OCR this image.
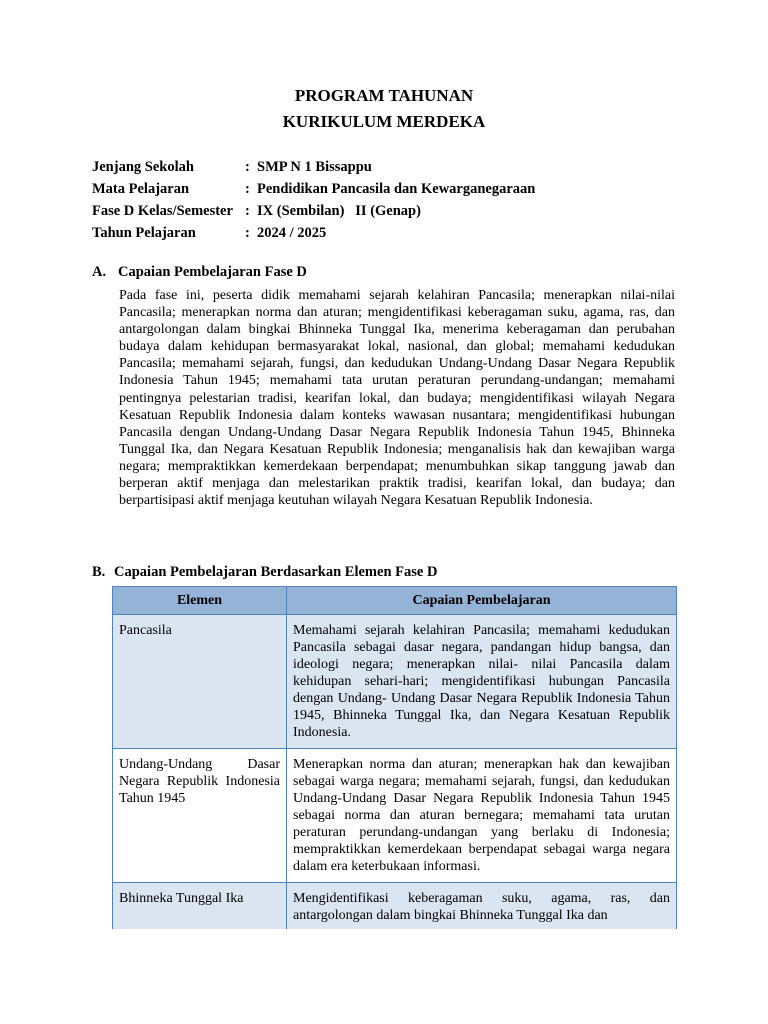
PROGRAM TAHUNAN
KURIKULUM MERDEKA
Jenjang Sekolah	: SMP N 1 Bissappu
Mata Pelajaran	: Pendidikan Pancasila dan Kewarganegaraan
Fase D Kelas/Semester : IX (Sembilan)   II (Genap)
Tahun Pelajaran	: 2024 / 2025
A. Capaian Pembelajaran Fase D

Pada fase ini, peserta didik memahami sejarah kelahiran Pancasila; menerapkan nilai-nilai Pancasila; menerapkan norma dan aturan; mengidentifikasi keberagaman suku, agama, ras, dan antargolongan dalam bingkai Bhinneka Tunggal Ika, menerima keberagaman dan perubahan budaya dalam kehidupan bermasyarakat lokal, nasional, dan global; memahami kedudukan Pancasila; memahami sejarah, fungsi, dan kedudukan Undang-Undang Dasar Negara Republik Indonesia Tahun 1945; memahami tata urutan peraturan perundang-undangan; memahami pentingnya pelestarian tradisi, kearifan lokal, dan budaya; mengidentifikasi wilayah Negara Kesatuan Republik Indonesia dalam konteks wawasan nusantara; mengidentifikasi hubungan Pancasila dengan Undang-Undang Dasar Negara Republik Indonesia Tahun 1945, Bhinneka Tunggal Ika, dan Negara Kesatuan Republik Indonesia; menganalisis hak dan kewajiban warga negara; mempraktikkan kemerdekaan berpendapat; menumbuhkan sikap tanggung jawab dan berperan aktif menjaga dan melestarikan praktik tradisi, kearifan lokal, dan budaya; dan berpartisipasi aktif menjaga keutuhan wilayah Negara Kesatuan Republik Indonesia.

B. Capaian Pembelajaran Berdasarkan Elemen Fase D
Elemen	Capaian Pembelajaran
Pancasila	Memahami sejarah kelahiran Pancasila; memahami kedudukan Pancasila sebagai dasar negara, pandangan hidup bangsa, dan ideologi negara; menerapkan nilai- nilai Pancasila dalam kehidupan sehari-hari; mengidentifikasi hubungan Pancasila dengan Undang- Undang Dasar Negara Republik Indonesia Tahun 1945, Bhinneka Tunggal Ika, dan Negara Kesatuan Republik Indonesia.
Undang-Undang Dasar Negara Republik Indonesia Tahun 1945	Menerapkan norma dan aturan; menerapkan hak dan kewajiban sebagai warga negara; memahami sejarah, fungsi, dan kedudukan Undang-Undang Dasar Negara Republik Indonesia Tahun 1945 sebagai norma dan aturan bernegara; memahami tata urutan peraturan perundang-undangan yang berlaku di Indonesia; mempraktikkan kemerdekaan berpendapat sebagai warga negara dalam era keterbukaan informasi.
Bhinneka Tunggal Ika	Mengidentifikasi keberagaman suku, agama, ras, dan antargolongan dalam bingkai Bhinneka Tunggal Ika dan
